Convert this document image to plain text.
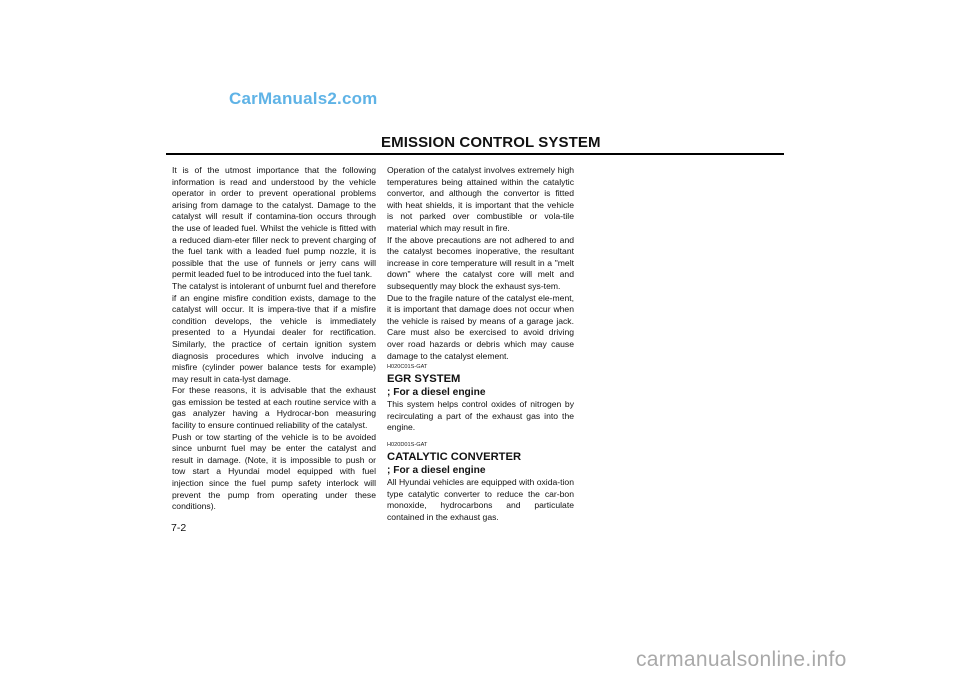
CarManuals2.com
EMISSION CONTROL SYSTEM

It is of the utmost importance that the following information is read and understood by the vehicle operator in order to prevent operational problems arising from damage to the catalyst. Damage to the catalyst will result if contamina-tion occurs through the use of leaded fuel. Whilst the vehicle is fitted with a reduced diam-eter filler neck to prevent charging of the fuel tank with a leaded fuel pump nozzle, it is possible that the use of funnels or jerry cans will permit leaded fuel to be introduced into the fuel tank.

The catalyst is intolerant of unburnt fuel and therefore if an engine misfire condition exists, damage to the catalyst will occur. It is impera-tive that if a misfire condition develops, the vehicle is immediately presented to a Hyundai dealer for rectification. Similarly, the practice of certain ignition system diagnosis procedures which involve inducing a misfire (cylinder power balance tests for example) may result in cata-lyst damage.

For these reasons, it is advisable that the exhaust gas emission be tested at each routine service with a gas analyzer having a Hydrocar-bon measuring facility to ensure continued reliability of the catalyst.

Push or tow starting of the vehicle is to be avoided since unburnt fuel may be enter the catalyst and result in damage. (Note, it is impossible to push or tow start a Hyundai model equipped with fuel injection since the fuel pump safety interlock will prevent the pump from operating under these conditions).

Operation of the catalyst involves extremely high temperatures being attained within the catalytic convertor, and although the convertor is fitted with heat shields, it is important that the vehicle is not parked over combustible or vola-tile material which may result in fire.

If the above precautions are not adhered to and the catalyst becomes inoperative, the resultant increase in core temperature will result in a "melt down" where the catalyst core will melt and subsequently may block the exhaust sys-tem.

Due to the fragile nature of the catalyst ele-ment, it is important that damage does not occur when the vehicle is raised by means of a garage jack. Care must also be exercised to avoid driving over road hazards or debris which may cause damage to the catalyst element.

H020C01S-GAT
EGR SYSTEM
; For a diesel engine
This system helps control oxides of nitrogen by recirculating a part of the exhaust gas into the engine.
H020D01S-GAT
CATALYTIC CONVERTER
; For a diesel engine
All Hyundai vehicles are equipped with oxida-tion type catalytic converter to reduce the car-bon monoxide, hydrocarbons and particulate contained in the exhaust gas.
7-2
carmanualsonline.info
